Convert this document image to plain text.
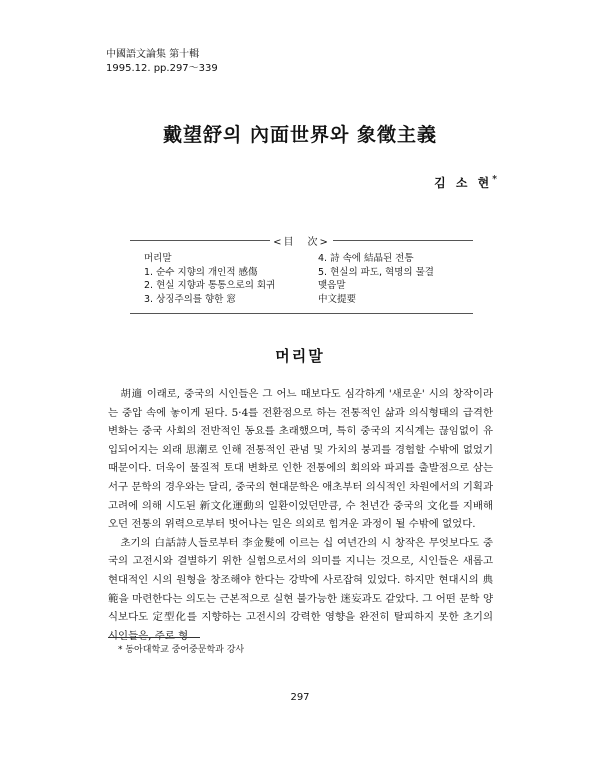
中國語文論集 第十輯
1995.12. pp.297～339
戴望舒의 內面世界와 象徵主義
김 소 현*
<目　次>
머리말
1. 순수 지향의 개인적 感傷
2. 현실 지향과 통통으로의 회귀
3. 상징주의를 향한 窓
4. 詩 속에 結晶된 전통
5. 현실의 파도, 혁명의 물결
맺음말
中文提要
머리말

胡適 이래로, 중국의 시인들은 그 어느 때보다도 심각하게 '새로운' 시의 창작이라는 중압 속에 놓이게 된다. 5·4를 전환점으로 하는 전통적인 삶과 의식형태의 급격한 변화는 중국 사회의 전반적인 동요를 초래했으며, 특히 중국의 지식계는 끊임없이 유입되어지는 외래 思潮로 인해 전통적인 관념 및 가치의 붕괴를 경험할 수밖에 없었기 때문이다. 더욱이 물질적 토대 변화로 인한 전통에의 회의와 파괴를 출발점으로 삼는 서구 문학의 경우와는 달리, 중국의 현대문학은 애초부터 의식적인 차원에서의 기획과 고려에 의해 시도된 新文化運動의 일환이었던만큼, 수 천년간 중국의 文化를 지배해 오던 전통의 위력으로부터 벗어나는 일은 의외로 힘겨운 과정이 될 수밖에 없었다.

초기의 白話詩人들로부터 李金髮에 이르는 십 여년간의 시 창작은 무엇보다도 중국의 고전시와 결별하기 위한 실험으로서의 의미를 지니는 것으로, 시인들은 새롭고 현대적인 시의 원형을 창조해야 한다는 강박에 사로잡혀 있었다. 하지만 현대시의 典範을 마련한다는 의도는 근본적으로 실현 불가능한 迷妄과도 같았다. 그 어떤 문학 양식보다도 定型化를 지향하는 고전시의 강력한 영향을 완전히 탈피하지 못한 초기의 시인들은, 주로 형

* 동아대학교 중어중문학과 강사
297
